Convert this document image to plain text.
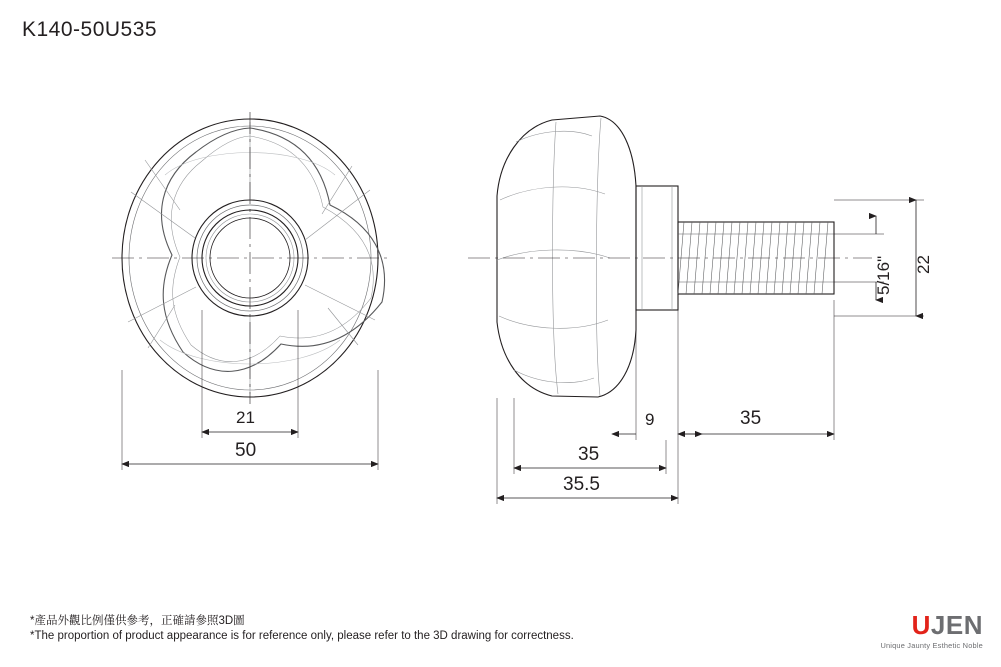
K140-50U535
21
50
9	35
35
35.5
5/16" 22
*產品外觀比例僅供參考，正確請參照3D圖
*The proportion of product appearance is for reference only, please refer to the 3D drawing for correctness.	UJEN
Unique Jaunty Esthetic Noble
